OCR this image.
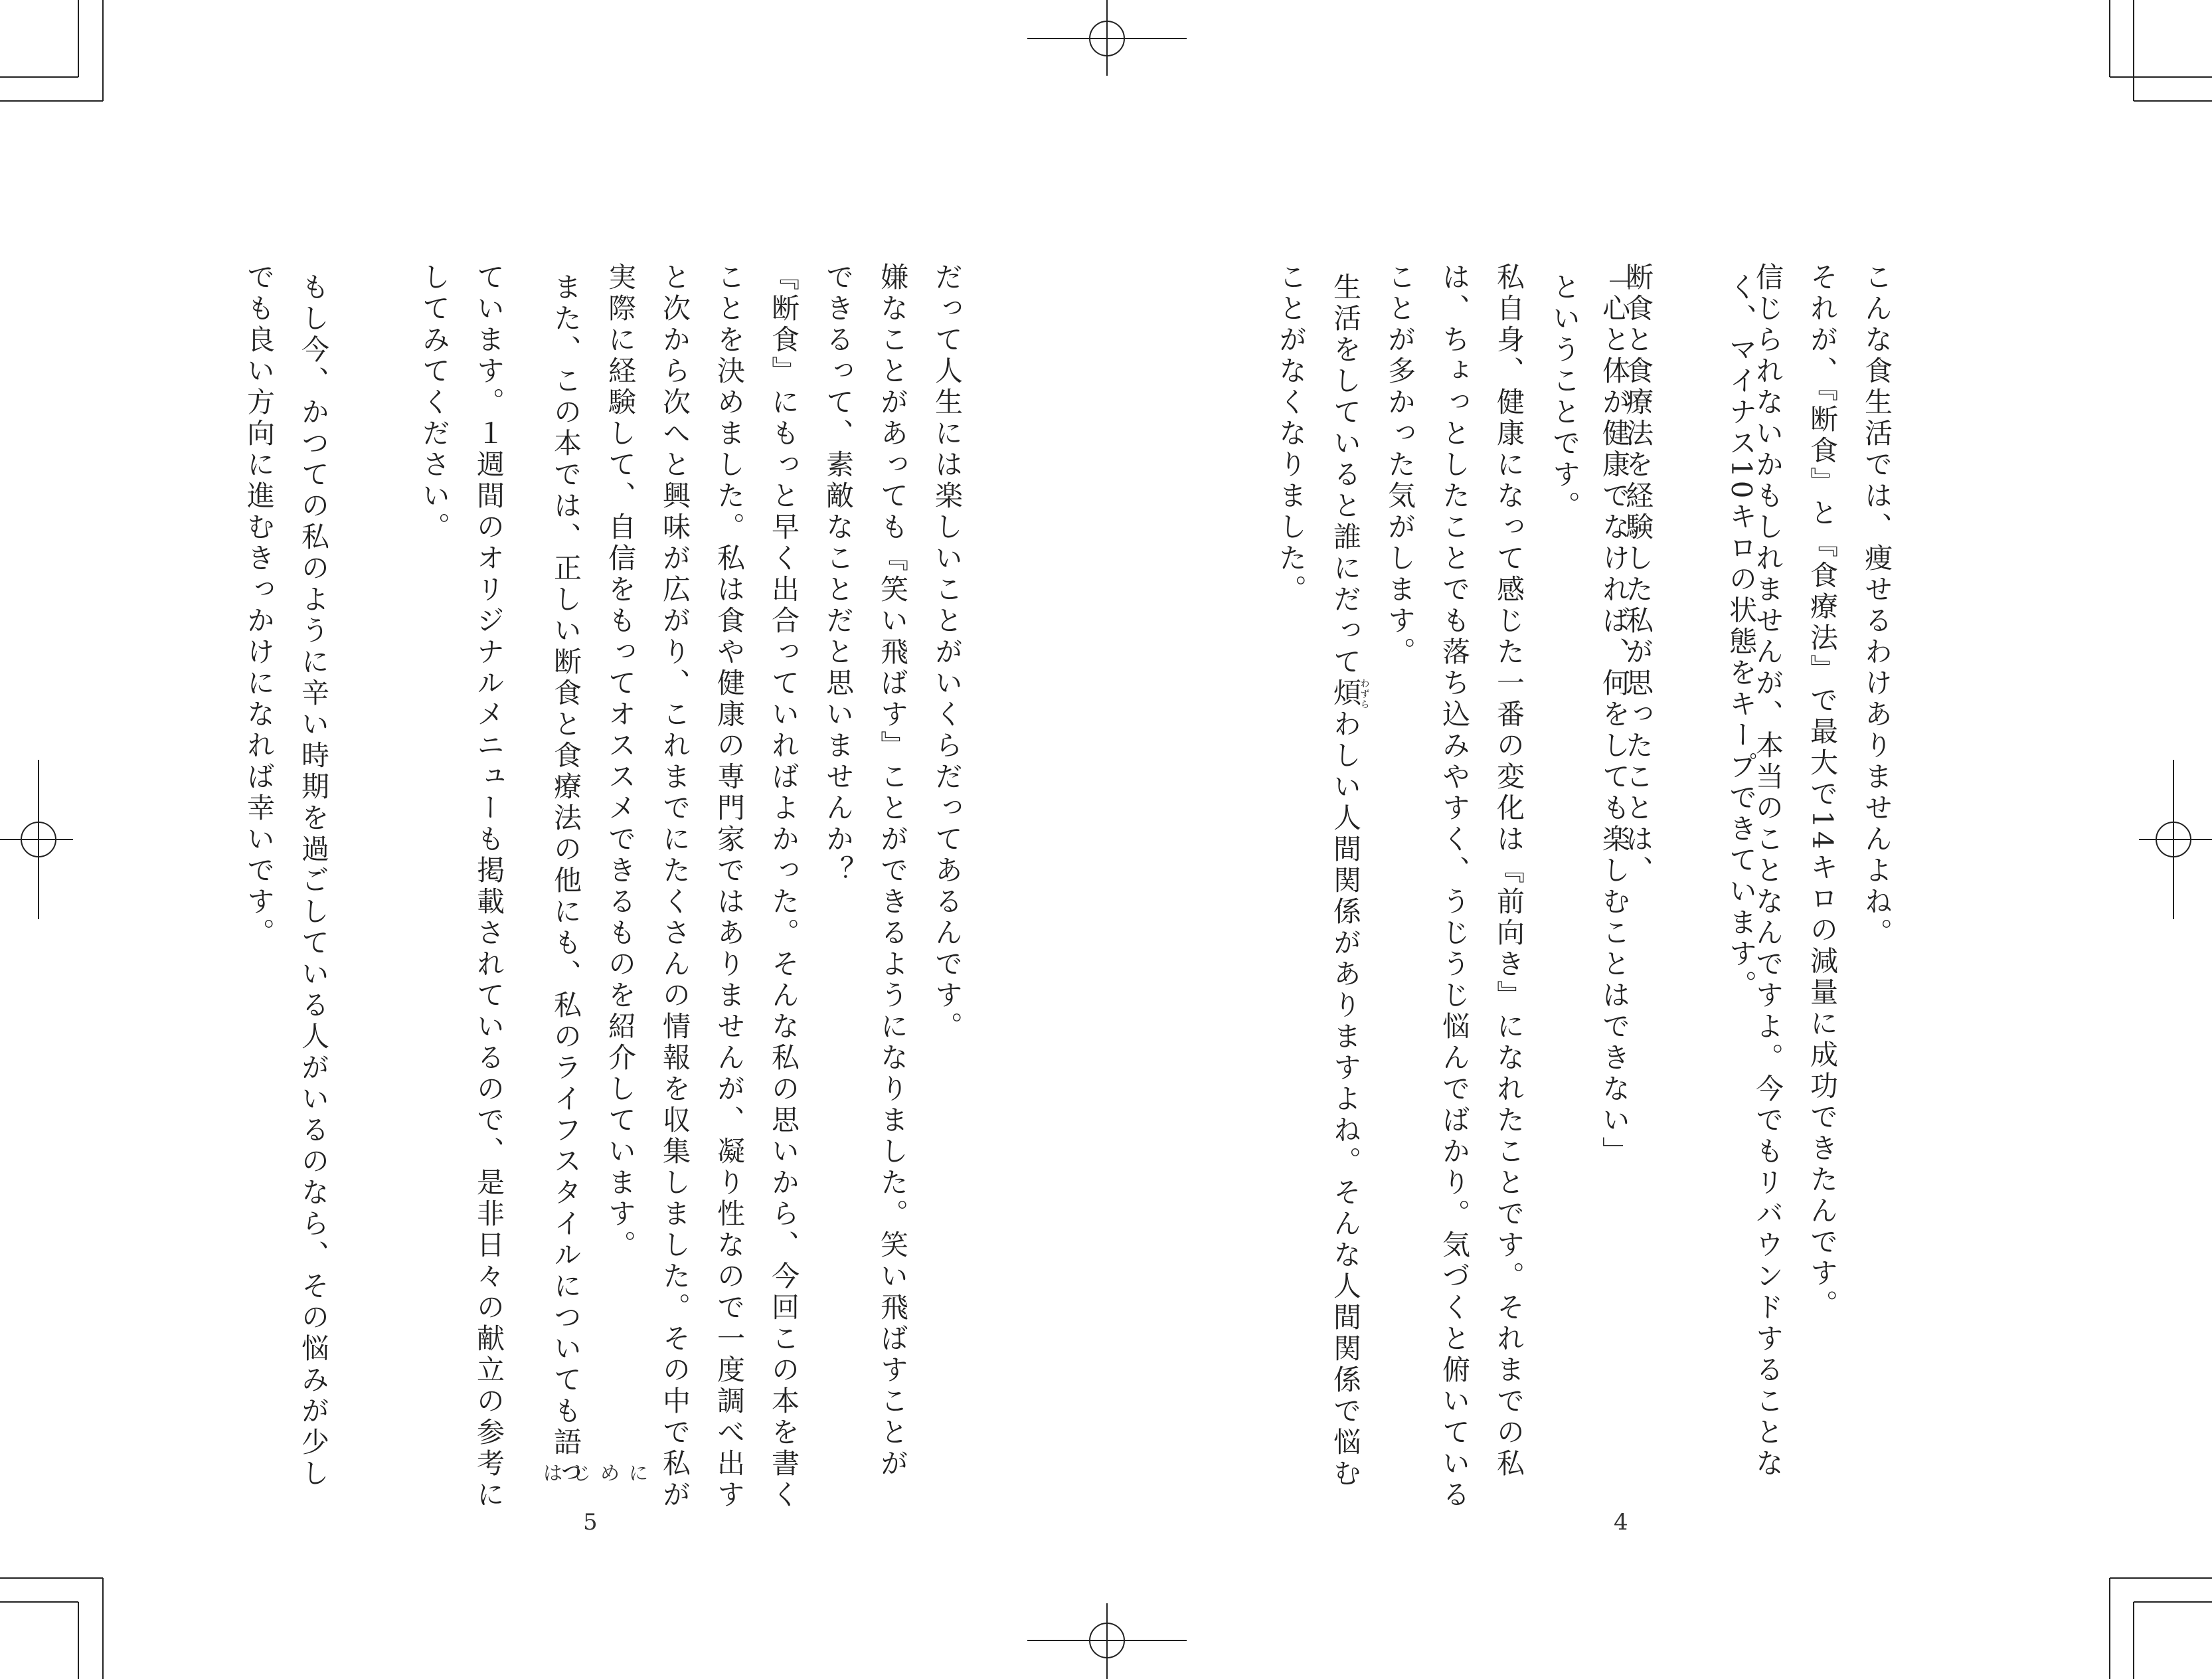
こんな食生活では、痩せるわけありませんよね。
それが、『断食』と『食療法』で最大で14キロの減量に成功できたんです。
信じられないかもしれませんが、本当のことなんですよ。今でもリバウンドすることな
く、マイナス10キロの状態をキープできています。
断食と食療法を経験した私が思ったことは、
「心と体が健康でなければ、何をしても楽しむことはできない」
ということです。
私自身、健康になって感じた一番の変化は『前向き』になれたことです。それまでの私
は、ちょっとしたことでも落ち込みやすく、うじうじ悩んでばかり。気づくと俯いている
ことが多かった気がします。
生活をしていると誰にだって煩わずらわしい人間関係がありますよね。そんな人間関係で悩む
ことがなくなりました。
4
だって人生には楽しいことがいくらだってあるんです。
嫌なことがあっても『笑い飛ばす』ことができるようになりました。笑い飛ばすことが
できるって、素敵なことだと思いませんか？
『断食』にもっと早く出合っていればよかった。そんな私の思いから、今回この本を書く
ことを決めました。私は食や健康の専門家ではありませんが、凝り性なので一度調べ出す
と次から次へと興味が広がり、これまでにたくさんの情報を収集しました。その中で私が
実際に経験して、自信をもってオススメできるものを紹介しています。
また、この本では、正しい断食と食療法の他にも、私のライフスタイルについても語っ
ています。１週間のオリジナルメニューも掲載されているので、是非日々の献立の参考に
してみてください。
もし今、かつての私のように辛い時期を過ごしている人がいるのなら、その悩みが少し
でも良い方向に進むきっかけになれば幸いです。
はじめに
5
